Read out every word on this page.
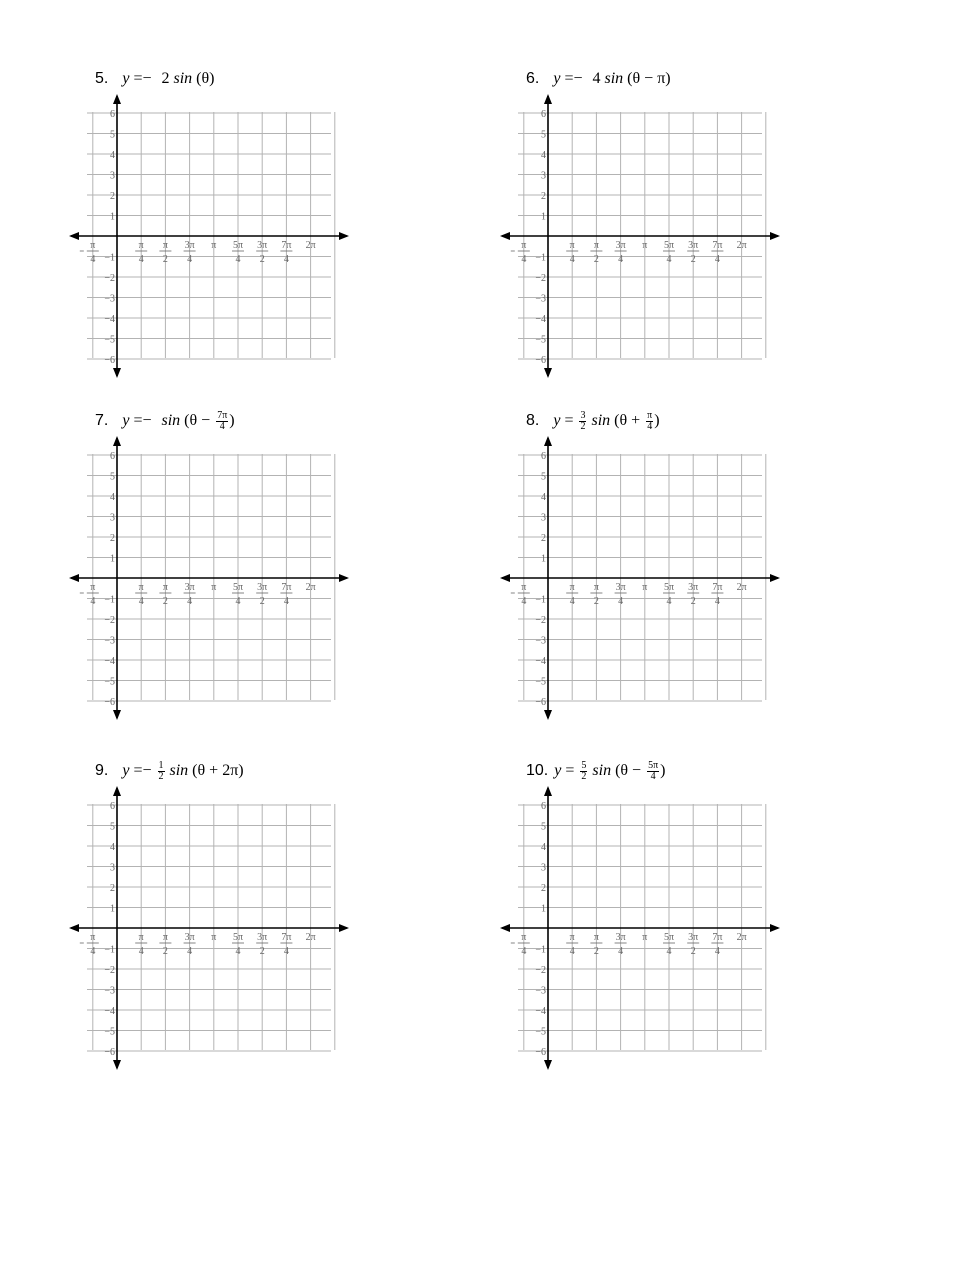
5. y =− 2 sin (θ)
6
5
4
3
2
1
−1
−2
−3
−4
−5
−6
π
4
π
4
π
2
3π
4
π 5π
4
3π
2
7π
4
2π
6. y =− 4 sin (θ − π)
6
5
4
3
2
1
−1
−2
−3
−4
−5
−6
π
4
π
4
π
2
3π
4
π 5π
4
3π
2
7π
4
2π
7. $y =- \sin (\theta - \frac{7\pi}{4}$ )
6
5
4
3
2
1
−1
−2
−3
−4
−5
−6
π
4
π
4
π
2
3π
4
π 5π
4
3π
2
7π
4
2π
8. $y = \frac{3}{2}$ $\sin (\theta + \frac{\pi}{4}$ )
6
5
4
3
2
1
−1
−2
−3
−4
−5
−6
π
4
π
4
π
2
3π
4
π 5π
4
3π
2
7π
4
2π
9. $y =- \frac{1}{2}$ sin (θ + 2π)
6
5
4
3
2
1
−1
−2
−3
−4
−5
−6
π
4
π
4
π
2
3π
4
π 5π
4
3π
2
7π
4
2π
10. $y = \frac{5}{2}$ $\sin (\theta - \frac{5\pi}{4}$ )
6
5
4
3
2
1
−1
−2
−3
−4
−5
−6
π
4
π
4
π
2
3π
4
π 5π
4
3π
2
7π
4
2π
